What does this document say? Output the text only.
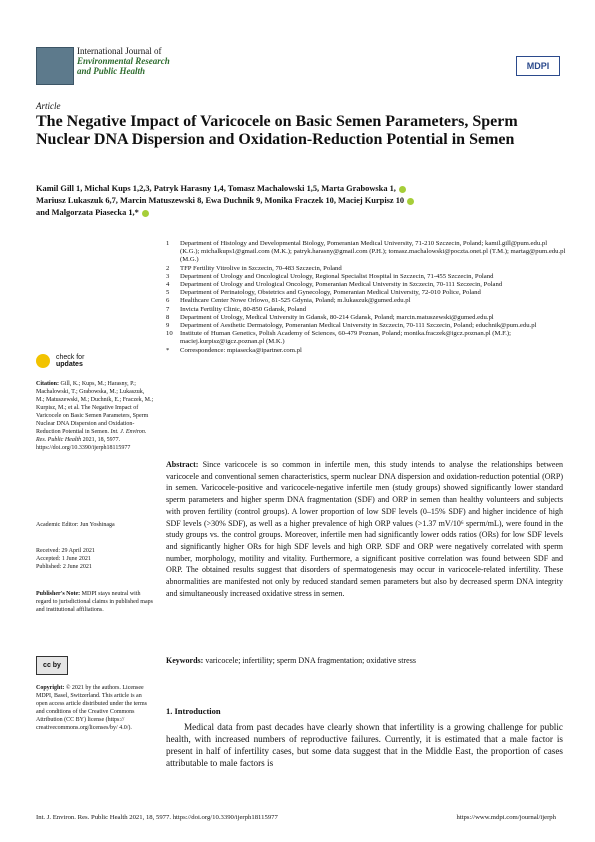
International Journal of
Environmental Research
and Public Health	MDPI
Article
The Negative Impact of Varicocele on Basic Semen Parameters, Sperm Nuclear DNA Dispersion and Oxidation-Reduction Potential in Semen
Kamil Gill 1, Michal Kups 1,2,3, Patryk Harasny 1,4, Tomasz Machalowski 1,5, Marta Grabowska 1,
Mariusz Lukaszuk 6,7, Marcin Matuszewski 8, Ewa Duchnik 9, Monika Fraczek 10, Maciej Kurpisz 10
and Malgorzata Piasecka 1,*
1	Department of Histology and Developmental Biology, Pomeranian Medical University, 71-210 Szczecin, Poland; kamil.gill@pum.edu.pl (K.G.); michalkups1@gmail.com (M.K.); patryk.harasny@gmail.com (P.H.); tomasz.machalowski@poczta.onet.pl (T.M.); martag@pum.edu.pl (M.G.)
2	TFP Fertility Vitrolive in Szczecin, 70-483 Szczecin, Poland
3	Department of Urology and Oncological Urology, Regional Specialist Hospital in Szczecin, 71-455 Szczecin, Poland
4	Department of Urology and Urological Oncology, Pomeranian Medical University in Szczecin, 70-111 Szczecin, Poland
5	Department of Perinatology, Obstetrics and Gynecology, Pomeranian Medical University, 72-010 Police, Poland
6	Healthcare Center Nowe Orlowo, 81-525 Gdynia, Poland; m.lukaszuk@gumed.edu.pl
7	Invicta Fertility Clinic, 80-850 Gdansk, Poland
8	Department of Urology, Medical University in Gdansk, 80-214 Gdansk, Poland; marcin.matuszewski@gumed.edu.pl
9	Department of Aesthetic Dermatology, Pomeranian Medical University in Szczecin, 70-111 Szczecin, Poland; educhnik@pum.edu.pl
10	Institute of Human Genetics, Polish Academy of Sciences, 60-479 Poznan, Poland; monika.fraczek@igcz.poznan.pl (M.F.); maciej.kurpisz@igcz.poznan.pl (M.K.)
*	Correspondence: mpiasecka@ipartner.com.pl
check for
updates
Citation: Gill, K.; Kups, M.; Harasny, P.; Machalowski, T.; Grabowska, M.; Lukaszuk, M.; Matuszewski, M.; Duchnik, E.; Fraczek, M.; Kurpisz, M.; et al. The Negative Impact of Varicocele on Basic Semen Parameters, Sperm Nuclear DNA Dispersion and Oxidation-Reduction Potential in Semen. Int. J. Environ. Res. Public Health 2021, 18, 5977. https://doi.org/10.3390/ijerph18115977
Academic Editor: Jun Yoshinaga
Received: 29 April 2021
Accepted: 1 June 2021
Published: 2 June 2021
Publisher's Note: MDPI stays neutral with regard to jurisdictional claims in published maps and institutional affiliations.
cc by
Copyright: © 2021 by the authors. Licensee MDPI, Basel, Switzerland. This article is an open access article distributed under the terms and conditions of the Creative Commons Attribution (CC BY) license (https:// creativecommons.org/licenses/by/ 4.0/).
Abstract: Since varicocele is so common in infertile men, this study intends to analyse the relationships between varicocele and conventional semen characteristics, sperm nuclear DNA dispersion and oxidation-reduction potential (ORP) in semen. Varicocele-positive and varicocele-negative infertile men (study groups) showed significantly lower standard sperm parameters and higher sperm DNA fragmentation (SDF) and ORP in semen than healthy volunteers and subjects with proven fertility (control groups). A lower proportion of low SDF levels (0–15% SDF) and higher incidence of high SDF levels (>30% SDF), as well as a higher prevalence of high ORP values (>1.37 mV/10⁶ sperm/mL), were found in the study groups vs. the control groups. Moreover, infertile men had significantly lower odds ratios (ORs) for low SDF levels and significantly higher ORs for high SDF levels and high ORP. SDF and ORP were negatively correlated with sperm number, morphology, motility and vitality. Furthermore, a significant positive correlation was found between SDF and ORP. The obtained results suggest that disorders of spermatogenesis may occur in varicocele-related infertility. These abnormalities are manifested not only by reduced standard semen parameters but also by decreased sperm DNA integrity and simultaneously increased oxidative stress in semen.
Keywords: varicocele; infertility; sperm DNA fragmentation; oxidative stress
1. Introduction
Medical data from past decades have clearly shown that infertility is a growing challenge for public health, with increased numbers of reproductive failures. Currently, it is estimated that a male factor is present in half of infertility cases, but some data suggest that in the Middle East, the proportion of cases attributable to male factors is
Int. J. Environ. Res. Public Health 2021, 18, 5977. https://doi.org/10.3390/ijerph18115977	https://www.mdpi.com/journal/ijerph
